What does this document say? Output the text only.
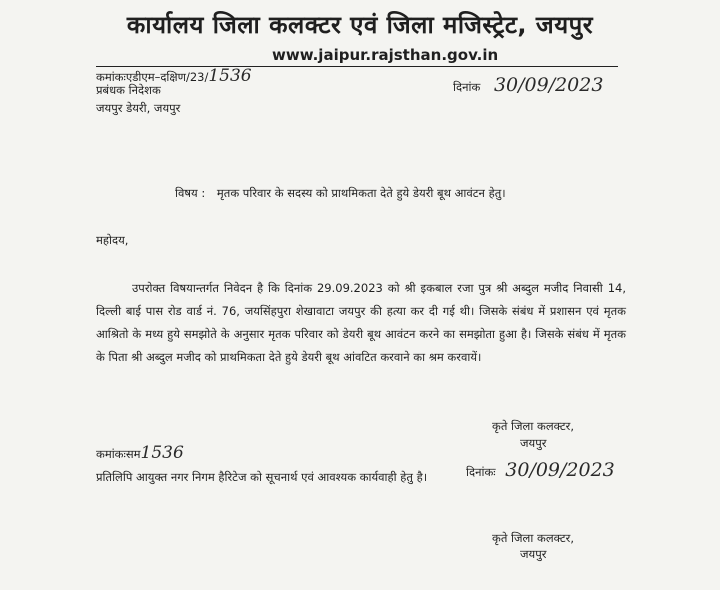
कार्यालय जिला कलक्टर एवं जिला मजिस्ट्रेट, जयपुर
www.jaipur.rajsthan.gov.in
कमांकःएडीएम–दक्षिण/23/1536
दिनांक 30/09/2023
प्रबंधक निदेशक
जयपुर डेयरी, जयपुर
विषय : मृतक परिवार के सदस्य को प्राथमिकता देते हुये डेयरी बूथ आवंटन हेतु।
महोदय,
उपरोक्त विषयान्तर्गत निवेदन है कि दिनांक 29.09.2023 को श्री इकबाल रजा पुत्र श्री अब्दुल मजीद निवासी 14, दिल्ली बाई पास रोड वार्ड नं. 76, जयसिंहपुरा शेखावाटा जयपुर की हत्या कर दी गई थी। जिसके संबंध में प्रशासन एवं मृतक आश्रितो के मध्य हुये समझोते के अनुसार मृतक परिवार को डेयरी बूथ आवंटन करने का समझोता हुआ है। जिसके संबंध में मृतक के पिता श्री अब्दुल मजीद को प्राथमिकता देते हुये डेयरी बूथ आंवटित करवाने का श्रम करवायें।
कृते जिला कलक्टर,
जयपुर
कमांकःसम1536
दिनांकः 30/09/2023
प्रतिलिपि आयुक्त नगर निगम हैरिटेज को सूचनार्थ एवं आवश्यक कार्यवाही हेतु है।
कृते जिला कलक्टर,
जयपुर
